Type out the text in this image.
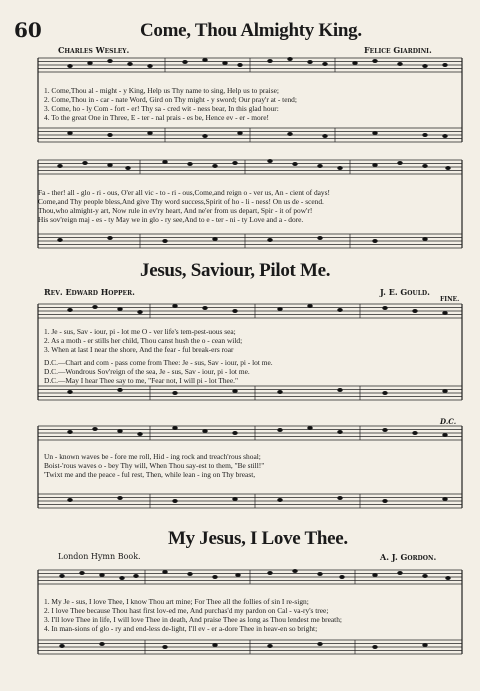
60	Come, Thou Almighty King.
Charles Wesley.	Felice Giardini.
1. Come,Thou al - might - y King, Help us Thy name to sing, Help us to praise;
2. Come,Thou in - car - nate Word, Gird on Thy might - y sword; Our pray'r at - tend;
3. Come, ho - ly Com - fort - er! Thy sa - cred wit - ness bear, In this glad hour:
4. To the great One in Three, E - ter - nal prais - es be, Hence ev - er - more!
Fa - ther! all - glo - ri - ous, O'er all vic - to - ri - ous,Come,and reign o - ver us, An - cient of days!
Come,and Thy people bless,And give Thy word success,Spirit of ho - li - ness! On us de - scend.
Thou,who almight-y art, Now rule in ev'ry heart, And ne'er from us depart, Spir - it of pow'r!
His sov'reign maj - es - ty May we in glo - ry see,And to e - ter - ni - ty Love and a - dore.
Jesus, Saviour, Pilot Me.
Rev. Edward Hopper.	J. E. Gould.
FINE.
1. Je - sus, Sav - iour, pi - lot me O - ver life's tem-pest-uous sea;
2. As a moth - er stills her child, Thou canst hush the o - cean wild;
3. When at last I near the shore, And the fear - ful break-ers roar
D.C.—Chart and com - pass come from Thee: Je - sus, Sav - iour, pi - lot me.
D.C.—Wondrous Sov'reign of the sea, Je - sus, Sav - iour, pi - lot me.
D.C.—May I hear Thee say to me, "Fear not, I will pi - lot Thee."
D.C.
Un - known waves be - fore me roll, Hid - ing rock and treach'rous shoal;
Boist-'rous waves o - bey Thy will, When Thou say-est to them, "Be still!"
'Twixt me and the peace - ful rest, Then, while lean - ing on Thy breast,
My Jesus, I Love Thee.
London Hymn Book.	A. J. Gordon.
1. My Je - sus, I love Thee, I know Thou art mine; For Thee all the follies of sin I re-sign;
2. I love Thee because Thou hast first lov-ed me, And purchas'd my pardon on Cal - va-ry's tree;
3. I'll love Thee in life, I will love Thee in death, And praise Thee as long as Thou lendest me breath;
4. In man-sions of glo - ry and end-less de-light, I'll ev - er a-dore Thee in heav-en so bright;
